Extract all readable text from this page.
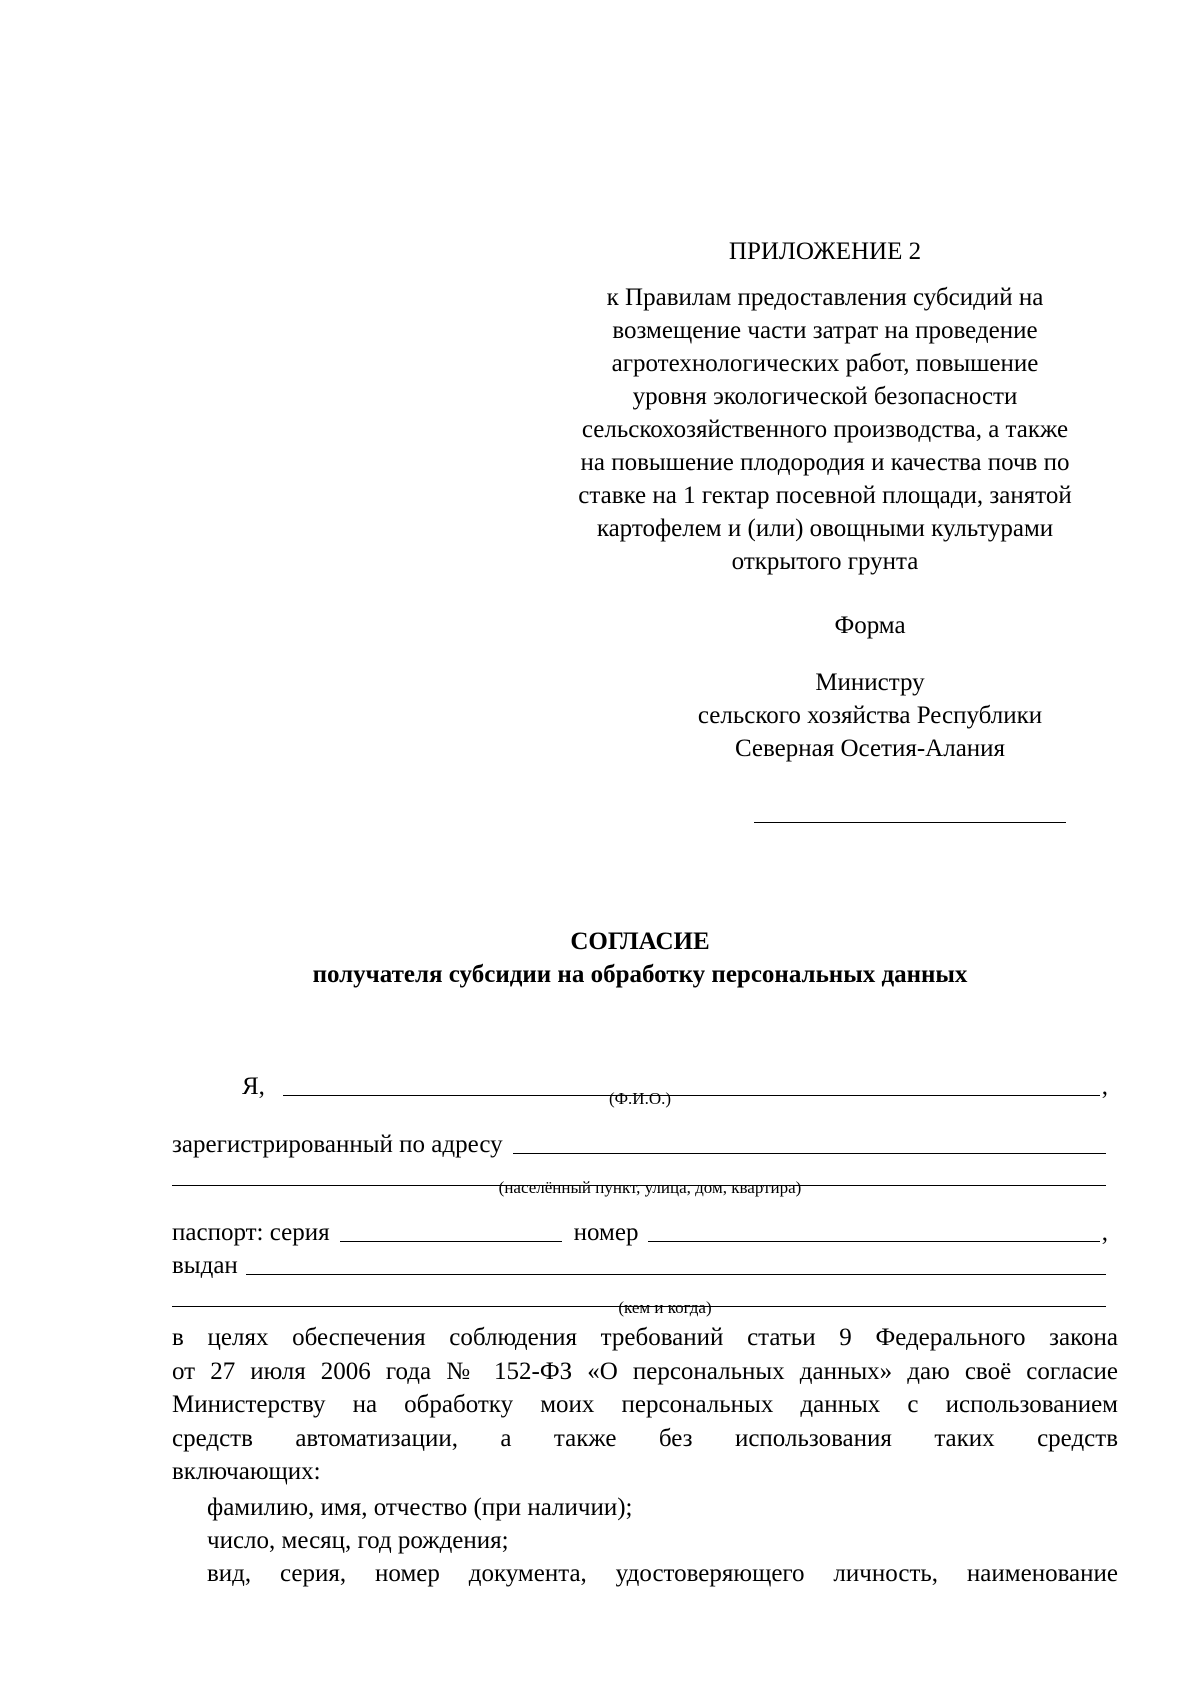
ПРИЛОЖЕНИЕ 2
к Правилам предоставления субсидий на
возмещение части затрат на проведение
агротехнологических работ, повышение
уровня экологической безопасности
сельскохозяйственного производства, а также
на повышение плодородия и качества почв по
ставке на 1 гектар посевной площади, занятой
картофелем и (или) овощными культурами
открытого грунта
Форма
Министру
сельского хозяйства Республики
Северная Осетия-Алания
СОГЛАСИЕ
получателя субсидии на обработку персональных данных
Я,	,
(Ф.И.О.)
зарегистрированный по адресу
(населённый пункт, улица, дом, квартира)
паспорт: серия	номер	,
выдан
(кем и когда)
в целях обеспечения соблюдения требований статьи 9 Федерального закона
от 27 июля 2006 года № 152-ФЗ «О персональных данных» даю своё согласие
Министерству на обработку моих персональных данных с использованием
средств автоматизации, а также без использования таких средств
включающих:
фамилию, имя, отчество (при наличии);
число, месяц, год рождения;
вид, серия, номер документа, удостоверяющего личность, наименование
